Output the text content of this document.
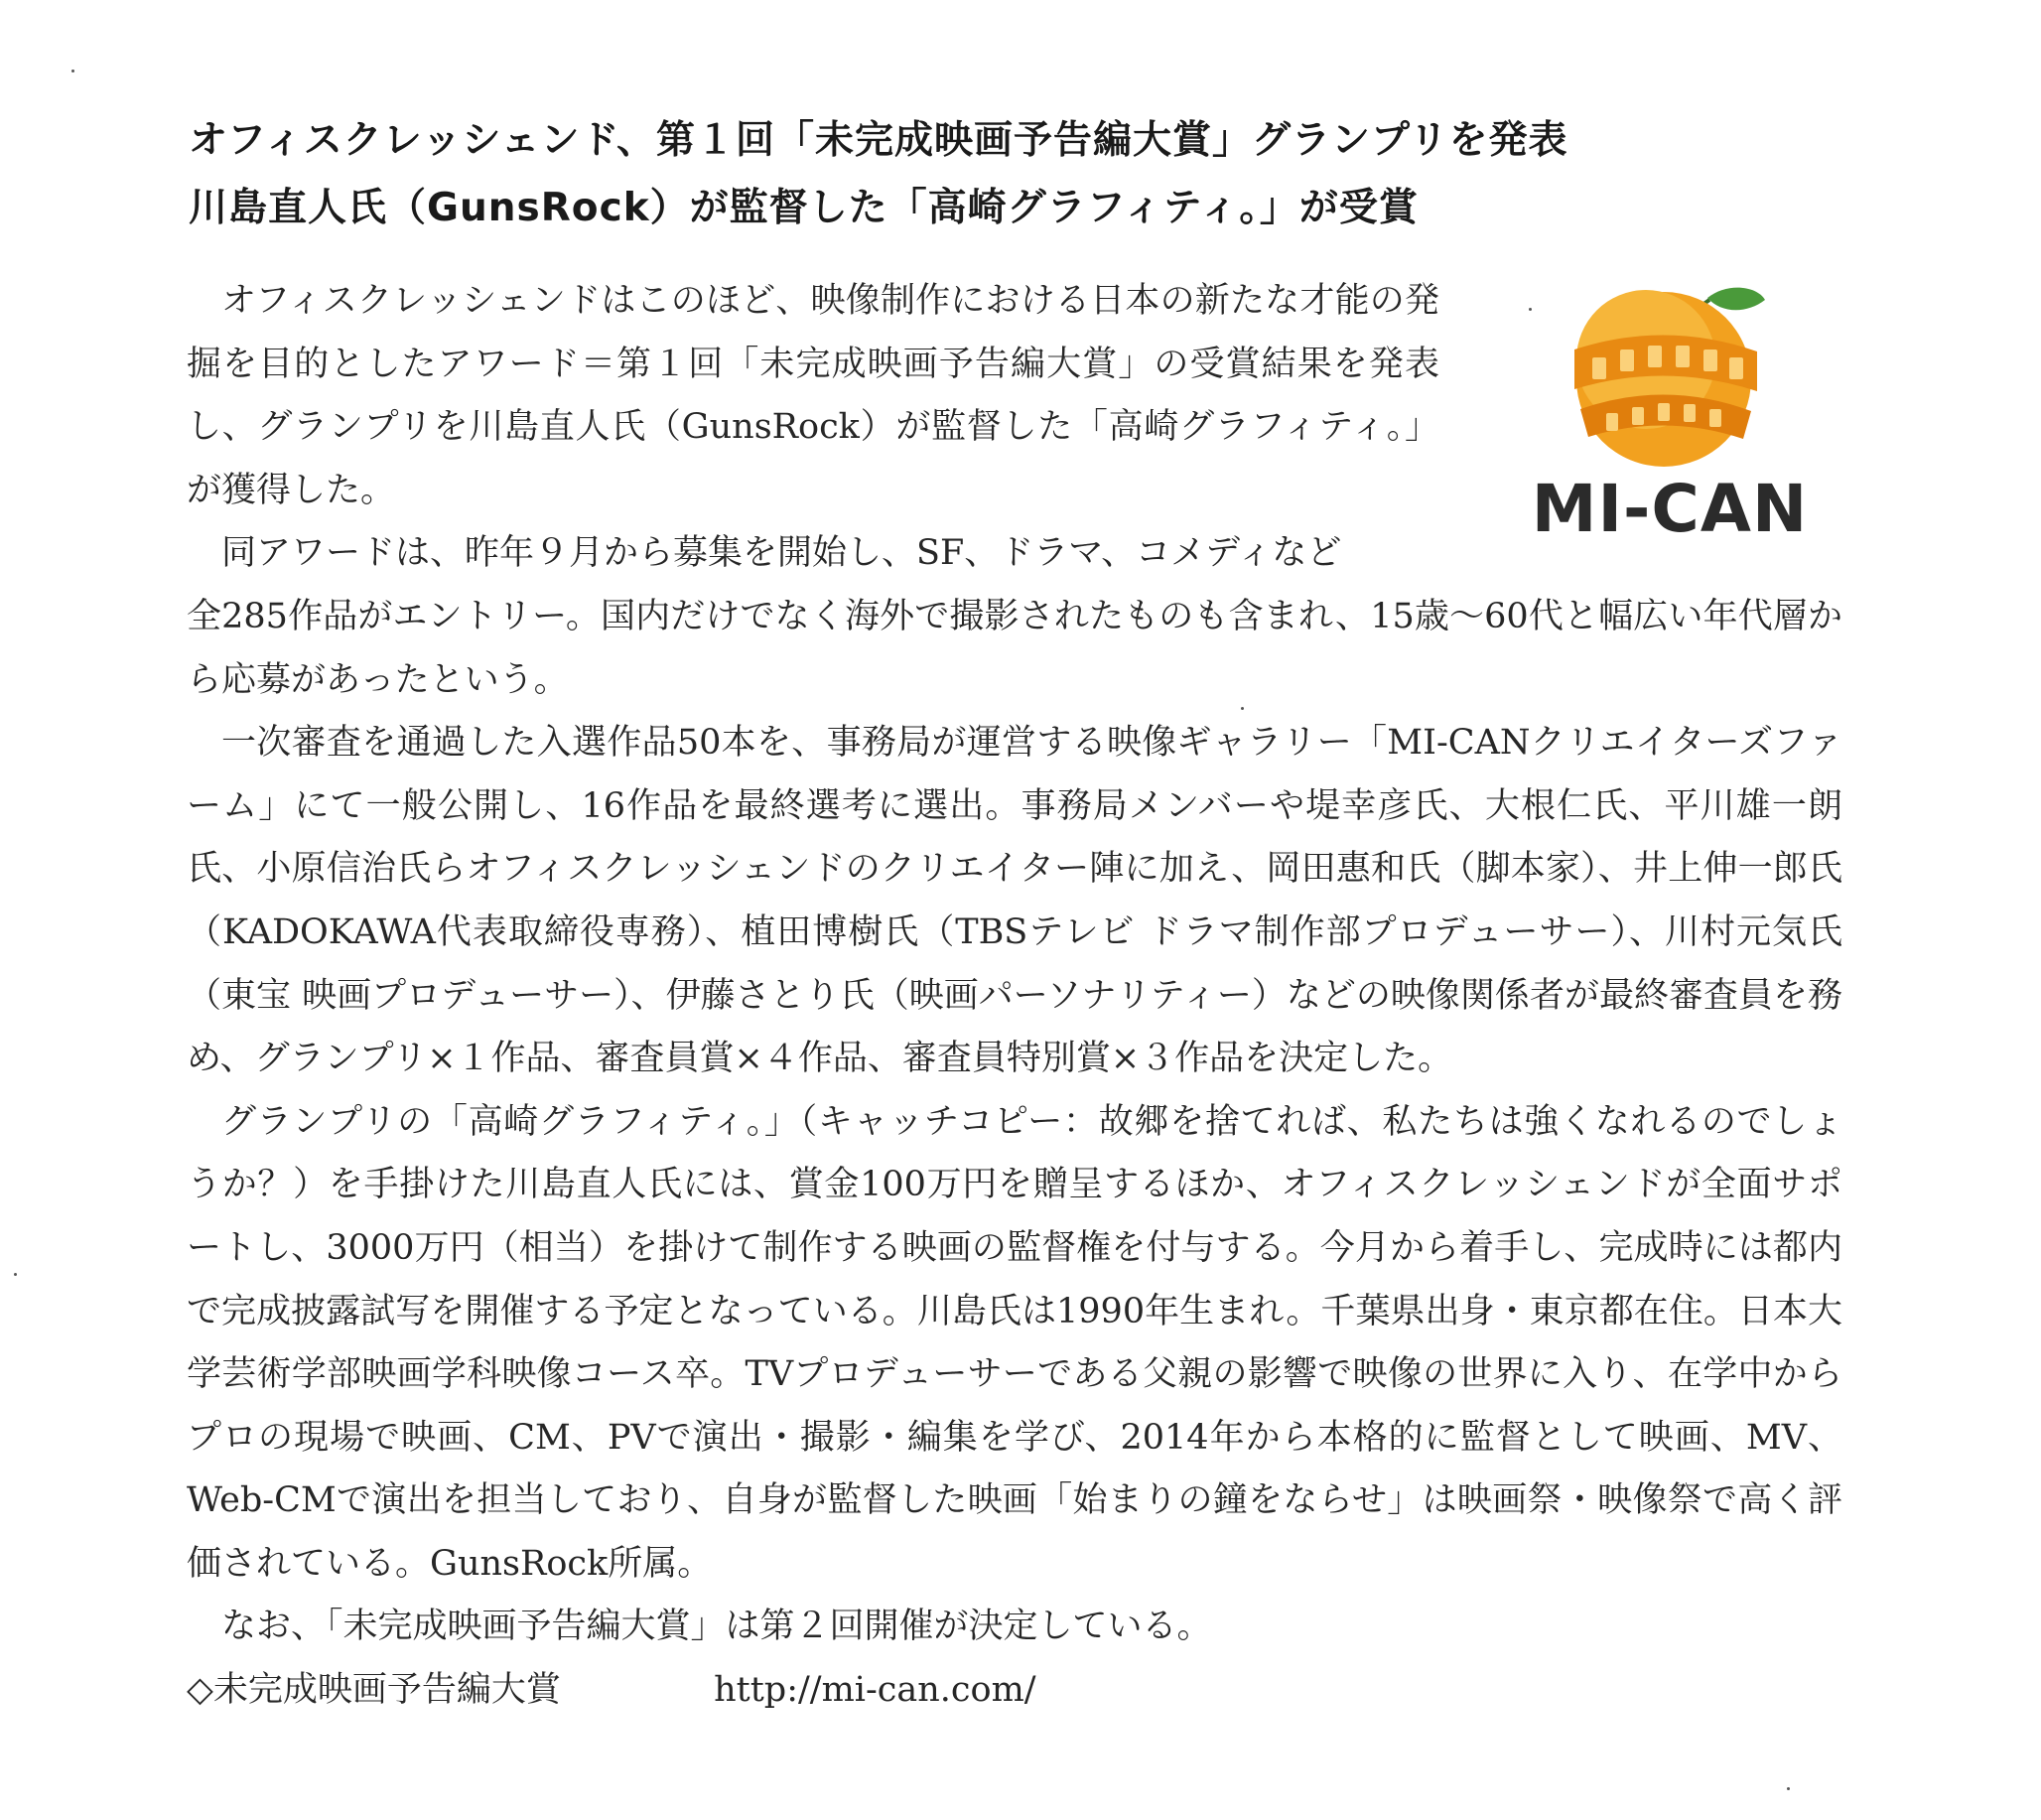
オフィスクレッシェンド、第１回「未完成映画予告編大賞」グランプリを発表
川島直人氏（GunsRock）が監督した「高崎グラフィティ。」が受賞
MI-CAN

オフィスクレッシェンドはこのほど、映像制作における日本の新たな才能の発掘を目的としたアワード＝第１回「未完成映画予告編大賞」の受賞結果を発表し、グランプリを川島直人氏（GunsRock）が監督した「高崎グラフィティ。」が獲得した。

同アワードは、昨年９月から募集を開始し、SF、ドラマ、コメディなど

全285作品がエントリー。国内だけでなく海外で撮影されたものも含まれ、15歳～60代と幅広い年代層から応募があったという。

一次審査を通過した入選作品50本を、事務局が運営する映像ギャラリー「MI-CANクリエイターズファーム」にて一般公開し、16作品を最終選考に選出。事務局メンバーや堤幸彦氏、大根仁氏、平川雄一朗氏、小原信治氏らオフィスクレッシェンドのクリエイター陣に加え、岡田惠和氏（脚本家）、井上伸一郎氏（KADOKAWA代表取締役専務）、植田博樹氏（TBSテレビ ドラマ制作部プロデューサー）、川村元気氏（東宝 映画プロデューサー）、伊藤さとり氏（映画パーソナリティー）などの映像関係者が最終審査員を務め、グランプリ×１作品、審査員賞×４作品、審査員特別賞×３作品を決定した。

グランプリの「高崎グラフィティ。」（キャッチコピー：故郷を捨てれば、私たちは強くなれるのでしょうか？）を手掛けた川島直人氏には、賞金100万円を贈呈するほか、オフィスクレッシェンドが全面サポートし、3000万円（相当）を掛けて制作する映画の監督権を付与する。今月から着手し、完成時には都内で完成披露試写を開催する予定となっている。川島氏は1990年生まれ。千葉県出身・東京都在住。日本大学芸術学部映画学科映像コース卒。TVプロデューサーである父親の影響で映像の世界に入り、在学中からプロの現場で映画、CM、PVで演出・撮影・編集を学び、2014年から本格的に監督として映画、MV、Web-CMで演出を担当しており、自身が監督した映画「始まりの鐘をならせ」は映画祭・映像祭で高く評価されている。GunsRock所属。

なお、「未完成映画予告編大賞」は第２回開催が決定している。

◇未完成映画予告編大賞	http://mi-can.com/
